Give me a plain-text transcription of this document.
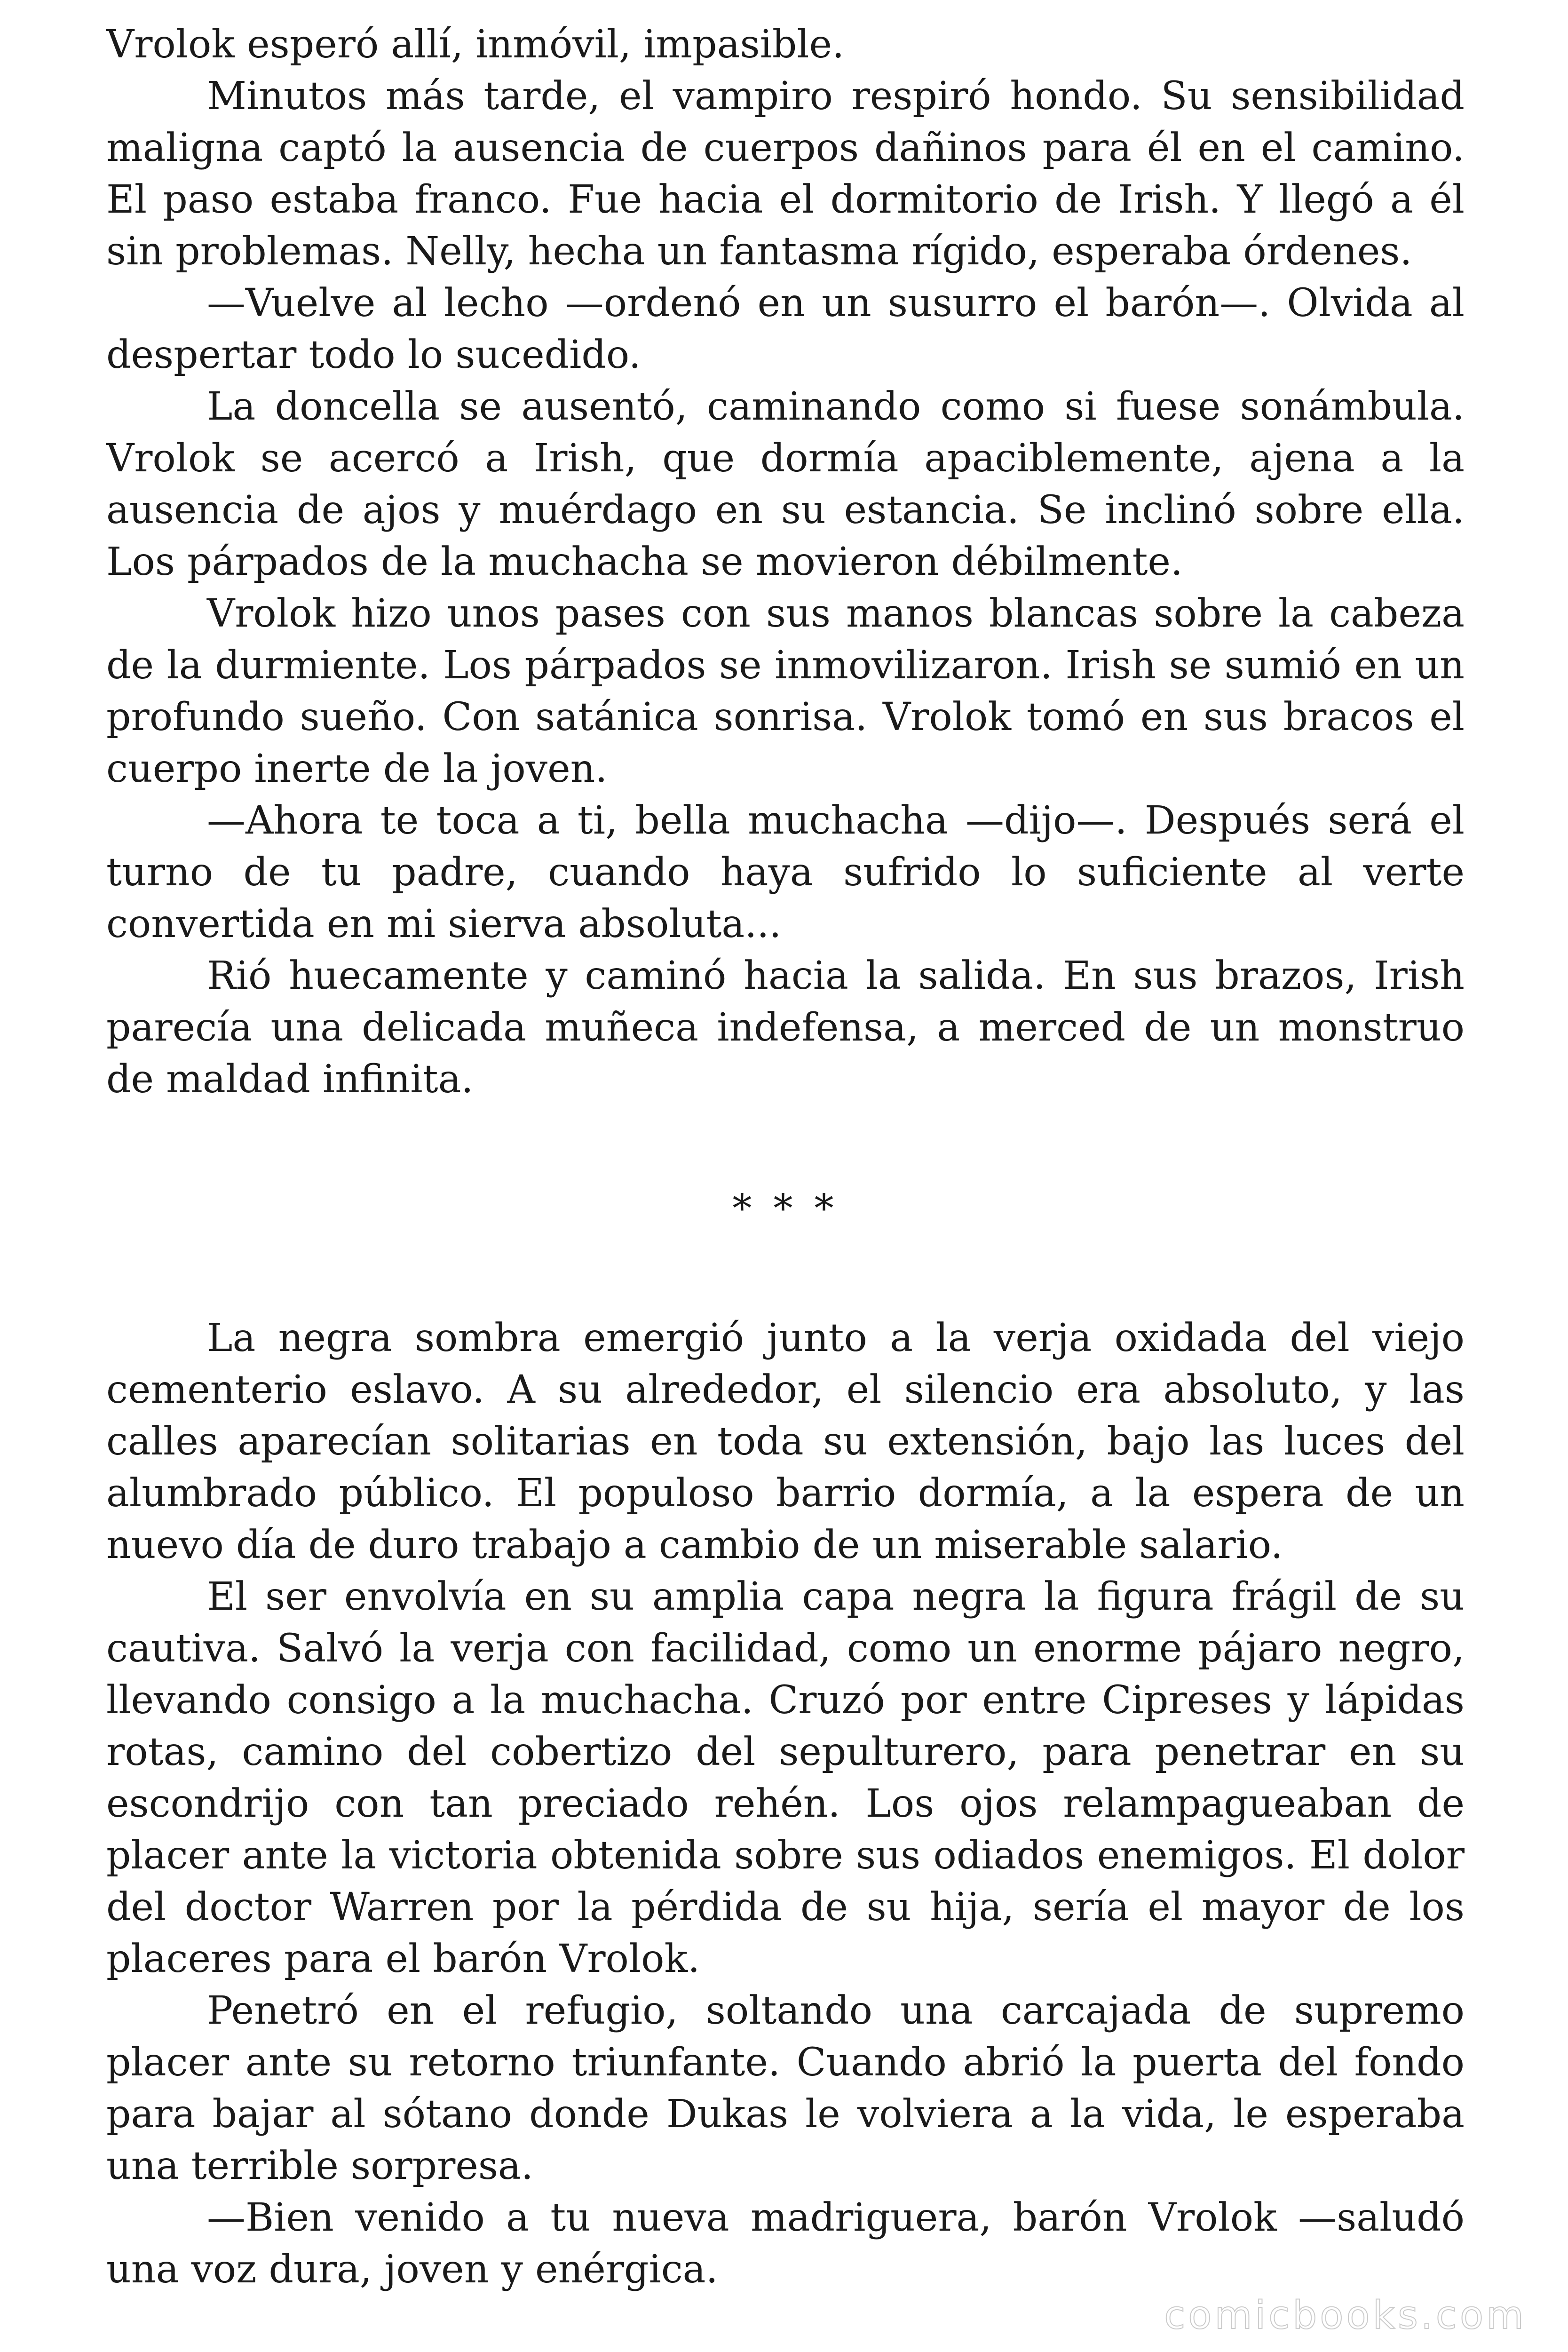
Vrolok esperó allí, inmóvil, impasible.

Minutos más tarde, el vampiro respiró hondo. Su sensibilidad maligna captó la ausencia de cuerpos dañinos para él en el camino. El paso estaba franco. Fue hacia el dormitorio de Irish. Y llegó a él sin problemas. Nelly, hecha un fantasma rígido, esperaba órdenes.

—Vuelve al lecho —ordenó en un susurro el barón—. Olvida al despertar todo lo sucedido.

La doncella se ausentó, caminando como si fuese sonámbula. Vrolok se acercó a Irish, que dormía apaciblemente, ajena a la ausencia de ajos y muérdago en su estancia. Se inclinó sobre ella. Los párpados de la muchacha se movieron débilmente.

Vrolok hizo unos pases con sus manos blancas sobre la cabeza de la durmiente. Los párpados se inmovilizaron. Irish se sumió en un profundo sueño. Con satánica sonrisa. Vrolok tomó en sus bracos el cuerpo inerte de la joven.

—Ahora te toca a ti, bella muchacha —dijo—. Después será el turno de tu padre, cuando haya sufrido lo suficiente al verte convertida en mi sierva absoluta...

Rió huecamente y caminó hacia la salida. En sus brazos, Irish parecía una delicada muñeca indefensa, a merced de un monstruo de maldad infinita.

* * *

La negra sombra emergió junto a la verja oxidada del viejo cementerio eslavo. A su alrededor, el silencio era absoluto, y las calles aparecían solitarias en toda su extensión, bajo las luces del alumbrado público. El populoso barrio dormía, a la espera de un nuevo día de duro trabajo a cambio de un miserable salario.

El ser envolvía en su amplia capa negra la figura frágil de su cautiva. Salvó la verja con facilidad, como un enorme pájaro negro, llevando consigo a la muchacha. Cruzó por entre Cipreses y lápidas rotas, camino del cobertizo del sepulturero, para penetrar en su escondrijo con tan preciado rehén. Los ojos relampagueaban de placer ante la victoria obtenida sobre sus odiados enemigos. El dolor del doctor Warren por la pérdida de su hija, sería el mayor de los placeres para el barón Vrolok.

Penetró en el refugio, soltando una carcajada de supremo placer ante su retorno triunfante. Cuando abrió la puerta del fondo para bajar al sótano donde Dukas le volviera a la vida, le esperaba una terrible sorpresa.

—Bien venido a tu nueva madriguera, barón Vrolok —saludó una voz dura, joven y enérgica.

comicbooks.com
